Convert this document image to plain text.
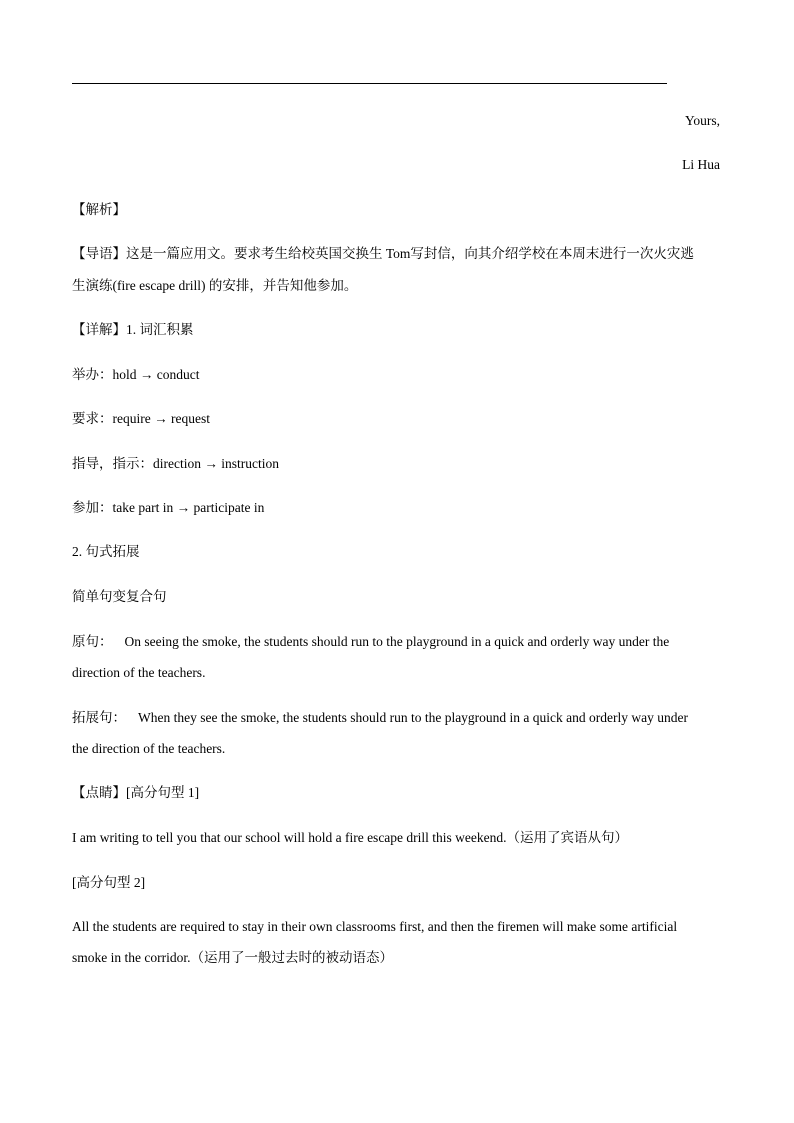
Yours,
Li Hua
【解析】
【导语】这是一篇应用文。要求考生给校英国交换生 Tom写封信，向其介绍学校在本周末进行一次火灾逃
生演练(fire escape drill) 的安排，并告知他参加。
【详解】1. 词汇积累
举办：hold → conduct
要求：require → request
指导，指示：direction → instruction
参加：take part in → participate in
2. 句式拓展
简单句变复合句
原句： On seeing the smoke, the students should run to the playground in a quick and orderly way under the
direction of the teachers.
拓展句： When they see the smoke, the students should run to the playground in a quick and orderly way under
the direction of the teachers.
【点睛】[高分句型 1]
I am writing to tell you that our school will hold a fire escape drill this weekend.（运用了宾语从句）
[高分句型 2]
All the students are required to stay in their own classrooms first, and then the firemen will make some artificial
smoke in the corridor.（运用了一般过去时的被动语态）
